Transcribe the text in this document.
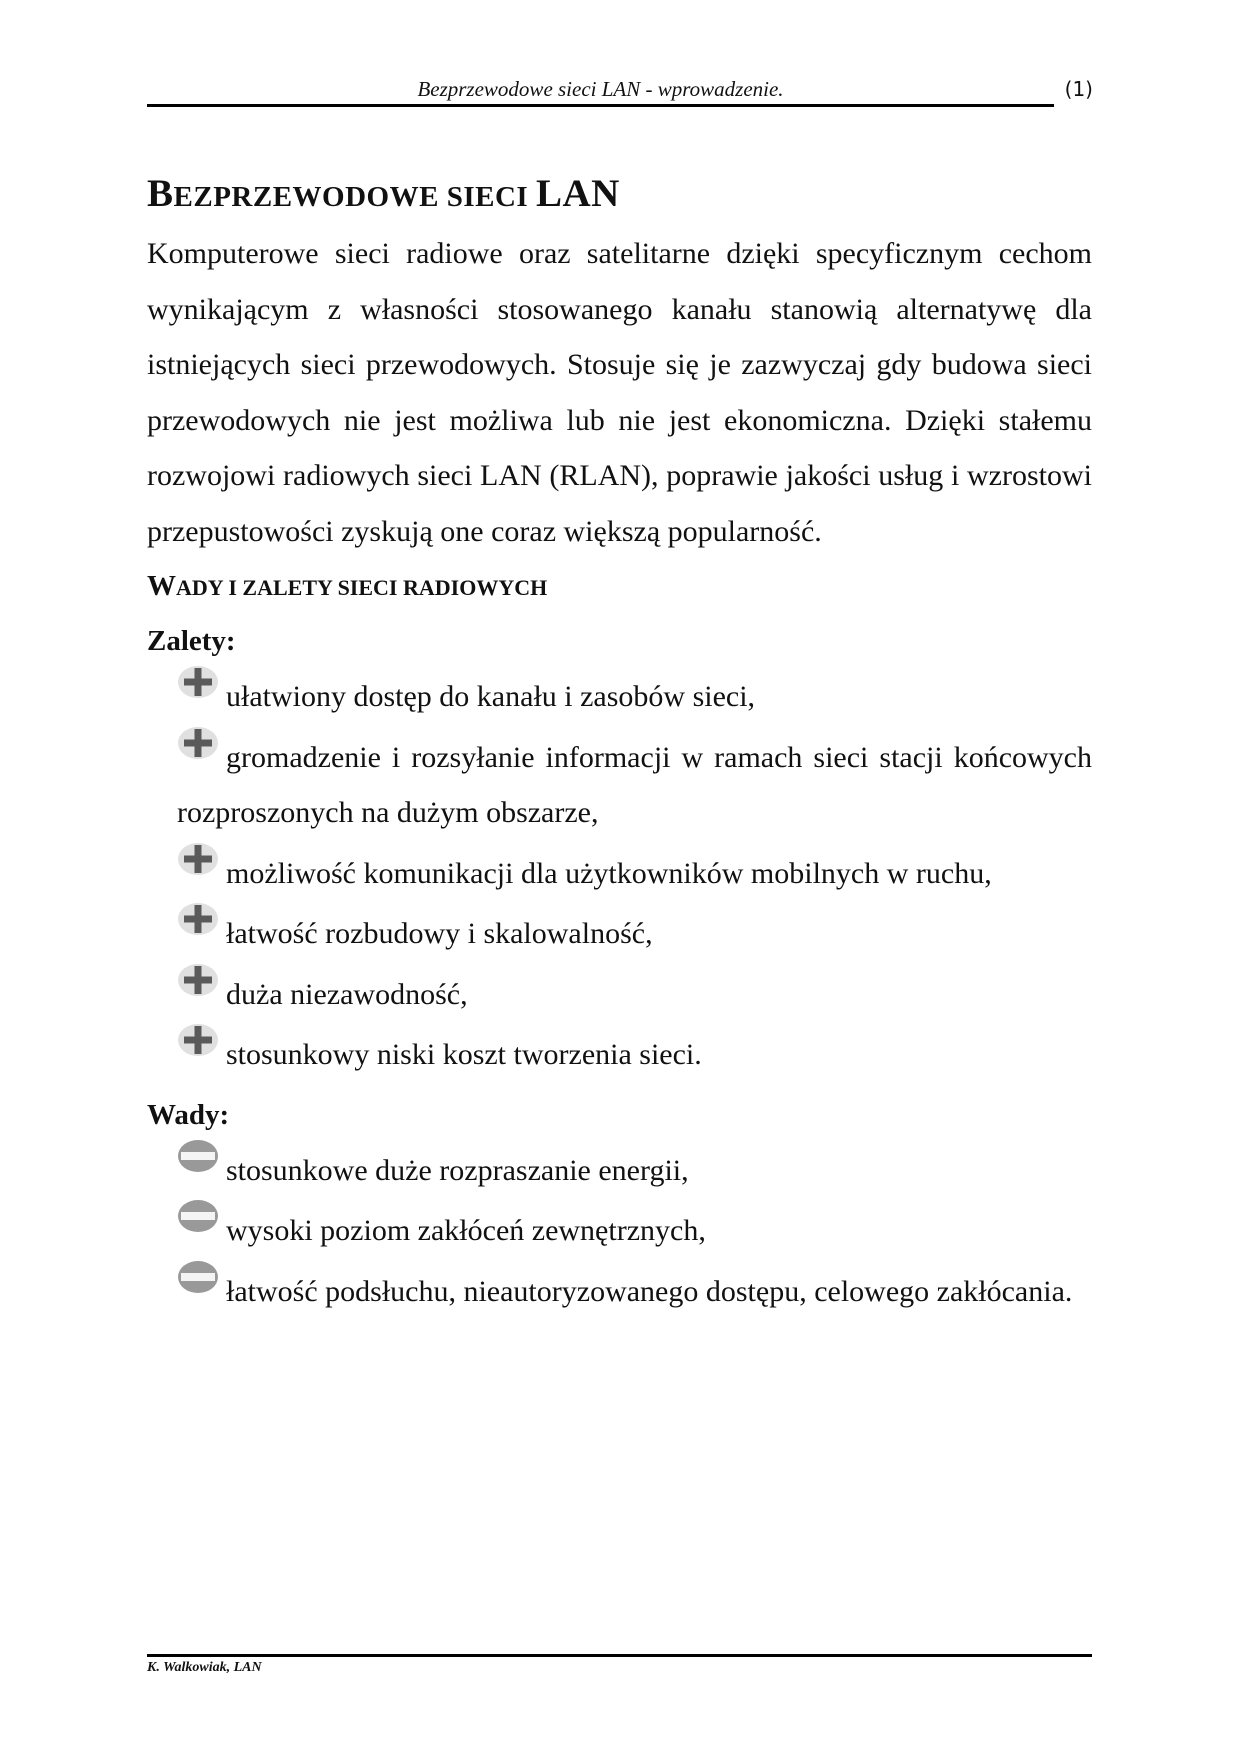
Bezprzewodowe sieci LAN - wprowadzenie.	(1)
BEZPRZEWODOWE SIECI LAN

Komputerowe sieci radiowe oraz satelitarne dzięki specyficznym cechom wynikającym z własności stosowanego kanału stanowią alternatywę dla istniejących sieci przewodowych. Stosuje się je zazwyczaj gdy budowa sieci przewodowych nie jest możliwa lub nie jest ekonomiczna. Dzięki stałemu rozwojowi radiowych sieci LAN (RLAN), poprawie jakości usług i wzrostowi przepustowości zyskują one coraz większą popularność.

WADY I ZALETY SIECI RADIOWYCH
Zalety:
ułatwiony dostęp do kanału i zasobów sieci,
gromadzenie i rozsyłanie informacji w ramach sieci stacji końcowych rozproszonych na dużym obszarze,
możliwość komunikacji dla użytkowników mobilnych w ruchu,
łatwość rozbudowy i skalowalność,
duża niezawodność,
stosunkowy niski koszt tworzenia sieci.
Wady:
stosunkowe duże rozpraszanie energii,
wysoki poziom zakłóceń zewnętrznych,
łatwość podsłuchu, nieautoryzowanego dostępu, celowego zakłócania.
K. Walkowiak, LAN
